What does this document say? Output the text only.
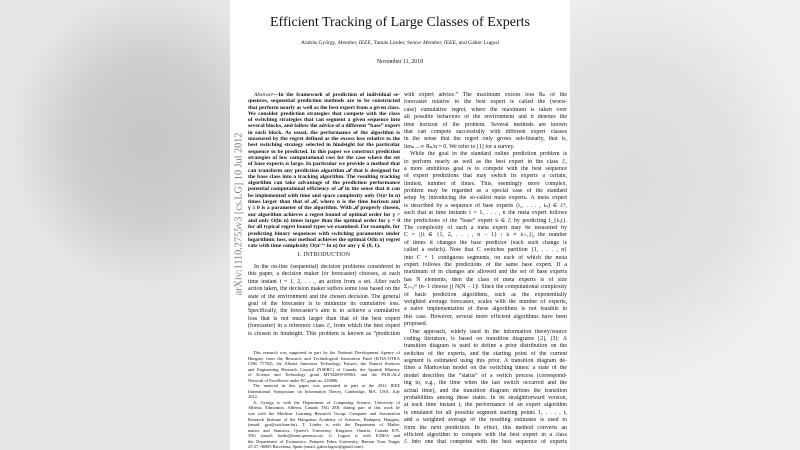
arXiv:1110.2755v3 [cs.LG] 10 Jul 2012
Efficient Tracking of Large Classes of Experts
András György, Member, IEEE, Tamás Linder, Senior Member, IEEE, and Gábor Lugosi
November 11, 2018
Abstract—In the framework of prediction of individual se-
quences, sequential prediction methods are to be constructed
that perform nearly as well as the best expert from a given class.
We consider prediction strategies that compete with the class
of switching strategies that can segment a given sequence into
several blocks, and follow the advice of a different “base” expert
in each block. As usual, the performance of the algorithm is
measured by the regret defined as the excess loss relative to the
best switching strategy selected in hindsight for the particular
sequence to be predicted. In this paper we construct prediction
strategies of low computational cost for the case where the set
of base experts is large. In particular we provide a method that
can transform any prediction algorithm 𝒜 that is designed for
the base class into a tracking algorithm. The resulting tracking
algorithm can take advantage of the prediction performance
potential computational efficiency of 𝒜 in the sense that it can
be implemented with time and space complexity only O(nᵞ ln n)
times larger than that of 𝒜, where n is the time horizon and
γ ≥ 0 is a parameter of the algorithm. With 𝒜 properly chosen,
our algorithm achieves a regret bound of optimal order for γ >
and only O(ln n) times larger than the optimal order for γ = 0
for all typical regret bound types we examined. For example, for
predicting binary sequences with switching parameters under
logarithmic loss, our method achieves the optimal O(ln n) regret
rate with time complexity O(n¹⁺ᵞ ln n) for any γ ∈ (0, 1).
I. INTRODUCTION
In the on-line (sequential) decision problems considered in
this paper, a decision maker (or forecaster) chooses, at each
time instant t = 1, 2, . . ., an action from a set. After each
action taken, the decision maker suffers some loss based on the
state of the environment and the chosen decision. The general
goal of the forecaster is to minimize its cumulative loss.
Specifically, the forecaster’s aim is to achieve a cumulative
loss that is not much larger than that of the best expert
(forecaster) in a reference class ℰ, from which the best expert
is chosen in hindsight. This problem is known as “prediction
This research was supported in part by the National Development Agency of
Hungary from the Research and Technological Innovation Fund (KTIA-OTKA
CNK 77782), the Alberta Innovates Technology Futures, the Natural Sciences
and Engineering Research Council (NSERC) of Canada, the Spanish Ministry
of Science and Technology grant MTM2009-09063, and the PASCAL2
Network of Excellence under EC grant no. 216886.
The material in this paper was presented in part at the 2012 IEEE
International Symposium on Information Theory, Cambridge, MA, USA, July
2012.
A. György is with the Department of Computing Science, University of
Alberta, Edmonton, Alberta, Canada T6G 2E8; during part of this work he
was with the Machine Learning Research Group, Computer and Automation
Research Institute of the Hungarian Academy of Sciences, Budapest, Hungary,
(email: gya@szit.bme.hu). T. Linder is with the Department of Mathe-
matics and Statistics, Queen’s University, Kingston, Ontario, Canada K7L
3N6 (email: linder@mast.queensu.ca). G. Lugosi is with ICREA and
the Department of Economics, Pompeu Fabra University, Ramon Trias Fargas
25-27, 08005 Barcelona, Spain (email: gabor.lugosi@gmail.com).
with expert advice.” The maximum excess loss Rₙ of the
forecaster relative to the best expert is called the (worst-
case) cumulative regret, where the maximum is taken over
all possible behaviors of the environment and n denotes the
time horizon of the problem. Several methods are known
that can compete successfully with different expert classes
in the sense that the regret only grows sub-linearly, that is,
limₙ→∞ Rₙ/n = 0. We refer to [1] for a survey.
While the goal in the standard online prediction problem is
to perform nearly as well as the best expert in the class ℰ,
a more ambitious goal is to compete with the best sequence
of expert predictions that may switch its experts a certain,
limited, number of times. This, seemingly more complex,
problem may be regarded as a special case of the standard
setup by introducing the so-called meta experts. A meta expert
is described by a sequence of base experts (i₁, . . . , iₙ) ∈ ℰⁿ,
such that at time instants t = 1, . . . , n the meta expert follows
the predictions of the “base” expert iₜ ∈ ℰ by predicting f_{iₜ,t}.
The complexity of such a meta expert may be measured by
C = |{t ∈ {1, 2, . . . , n − 1} : iₜ ≠ iₜ₊₁}|, the number
of times it changes the base predictor (each such change is
called a switch). Note that C switches partition {1, . . . , n}
into C + 1 contiguous segments, on each of which the meta
expert follows the predictions of the same base expert. If a
maximum of m changes are allowed and the set of base experts
has N elements, then the class of meta experts is of size
Σⱼ₌₀ᵐ (n−1 choose j) N(N − 1)ʲ. Since the computational complexity
of basic prediction algorithms, such as the exponentially
weighted average forecaster, scales with the number of experts,
a naive implementation of these algorithms is not feasible in
this case. However, several more efficient algorithms have been
proposed.
One approach, widely used in the information theory/source
coding literature, is based on transition diagrams [2], [3]: A
transition diagram is used to define a prior distribution on the
switches of the experts, and the starting point of the current
segment is estimated using this prior. A transition diagram de-
fines a Markovian model on the switching times: a state of the
model describes the “status” of a switch process (correspond-
ing to, e.g., the time when the last switch occurred and the
actual time), and the transition diagram defines the transition
probabilities among these states. In its straightforward version,
at each time instant t, the performance of an expert algorithm
is emulated for all possible segment starting points 1, . . . , t,
and a weighted average of the resulting estimates is used to
form the next prediction. In effect, this method converts an
efficient algorithm to compete with the best expert in a class
ℰ into one that competes with the best sequence of experts
